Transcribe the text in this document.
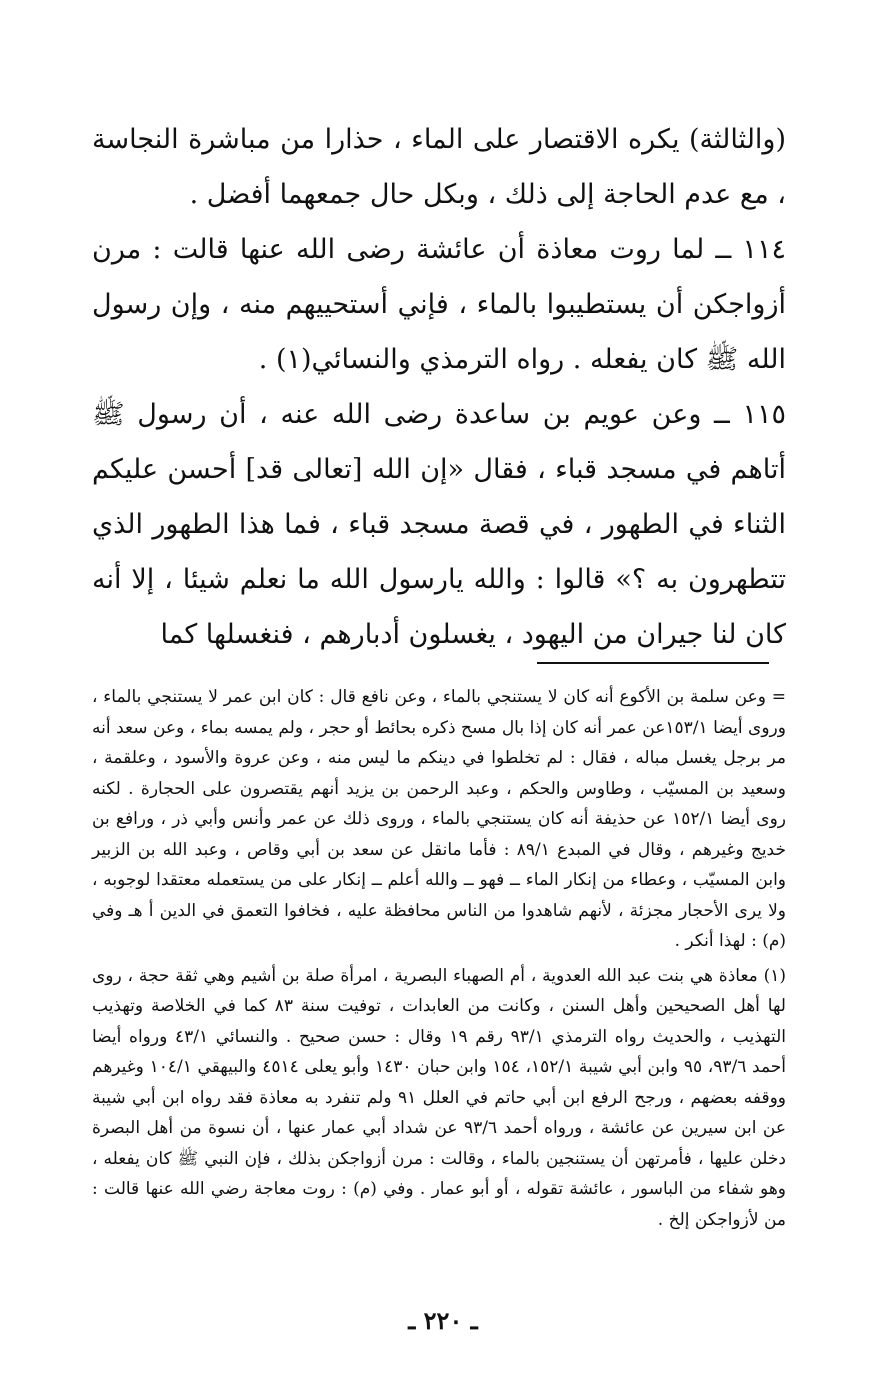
(والثالثة) يكره الاقتصار على الماء ، حذارا من مباشرة النجاسة ، مع عدم الحاجة إلى ذلك ، وبكل حال جمعهما أفضل .

١١٤ ــ لما روت معاذة أن عائشة رضى الله عنها قالت : مرن أزواجكن أن يستطيبوا بالماء ، فإني أستحييهم منه ، وإن رسول الله ﷺ كان يفعله . رواه الترمذي والنسائي(١) .

١١٥ ــ وعن عويم بن ساعدة رضى الله عنه ، أن رسول ﷺ أتاهم في مسجد قباء ، فقال «إن الله [تعالى قد] أحسن عليكم الثناء في الطهور ، في قصة مسجد قباء ، فما هذا الطهور الذي تتطهرون به ؟» قالوا : والله يارسول الله ما نعلم شيئا ، إلا أنه كان لنا جيران من اليهود ، يغسلون أدبارهم ، فنغسلها كما

= وعن سلمة بن الأكوع أنه كان لا يستنجي بالماء ، وعن نافع قال : كان ابن عمر لا يستنجي بالماء ، وروى أيضا ١٥٣/١عن عمر أنه كان إذا بال مسح ذكره بحائط أو حجر ، ولم يمسه بماء ، وعن سعد أنه مر برجل يغسل مباله ، فقال : لم تخلطوا في دينكم ما ليس منه ، وعن عروة والأسود ، وعلقمة ، وسعيد بن المسيّب ، وطاوس والحكم ، وعبد الرحمن بن يزيد أنهم يقتصرون على الحجارة . لكنه روى أيضا ١٥٢/١ عن حذيفة أنه كان يستنجي بالماء ، وروى ذلك عن عمر وأنس وأبي ذر ، ورافع بن خديج وغيرهم ، وقال في المبدع ٨٩/١ : فأما مانقل عن سعد بن أبي وقاص ، وعبد الله بن الزبير وابن المسيّب ، وعطاء من إنكار الماء ــ فهو ــ والله أعلم ــ إنكار على من يستعمله معتقدا لوجوبه ، ولا يرى الأحجار مجزئة ، لأنهم شاهدوا من الناس محافظة عليه ، فخافوا التعمق في الدين أ هـ وفي (م) : لهذا أنكر .

(١) معاذة هي بنت عبد الله العدوية ، أم الصهباء البصرية ، امرأة صلة بن أشيم وهي ثقة حجة ، روى لها أهل الصحيحين وأهل السنن ، وكانت من العابدات ، توفيت سنة ٨٣ كما في الخلاصة وتهذيب التهذيب ، والحديث رواه الترمذي ٩٣/١ رقم ١٩ وقال : حسن صحيح . والنسائي ٤٣/١ ورواه أيضا أحمد ٩٣/٦، ٩٥ وابن أبي شيبة ١٥٢/١، ١٥٤ وابن حبان ١٤٣٠ وأبو يعلى ٤٥١٤ والبيهقي ١٠٤/١ وغيرهم ووقفه بعضهم ، ورجح الرفع ابن أبي حاتم في العلل ٩١ ولم تنفرد به معاذة فقد رواه ابن أبي شيبة عن ابن سيرين عن عائشة ، ورواه أحمد ٩٣/٦ عن شداد أبي عمار عنها ، أن نسوة من أهل البصرة دخلن عليها ، فأمرتهن أن يستنجين بالماء ، وقالت : مرن أزواجكن بذلك ، فإن النبي ﷺ كان يفعله ، وهو شفاء من الباسور ، عائشة تقوله ، أو أبو عمار . وفي (م) : روت معاجة رضي الله عنها قالت : من لأزواجكن إلخ .

ـ ٢٢٠ ـ
